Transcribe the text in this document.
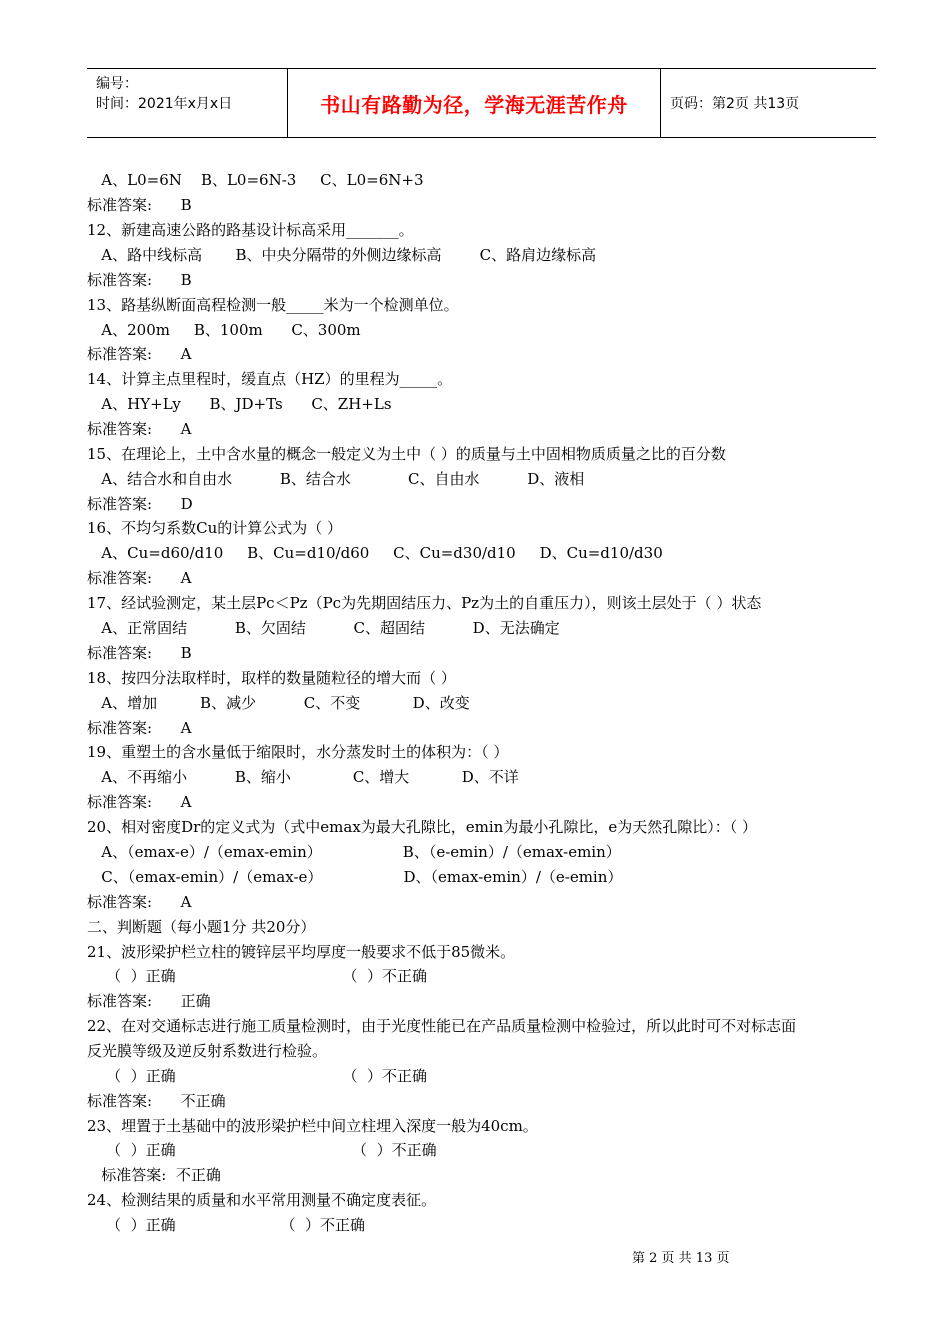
编号：
时间：2021年x月x日	书山有路勤为径，学海无涯苦作舟	页码：第2页 共13页
A、L0=6N    B、L0=6N-3     C、L0=6N+3
标准答案:      B
12、新建高速公路的路基设计标高采用_______。
A、路中线标高       B、中央分隔带的外侧边缘标高        C、路肩边缘标高
标准答案:      B
13、路基纵断面高程检测一般_____米为一个检测单位。
A、200m     B、100m      C、300m
标准答案:      A
14、计算主点里程时，缓直点（HZ）的里程为_____。
A、HY+Ly      B、JD+Ts      C、ZH+Ls
标准答案:      A
15、在理论上，土中含水量的概念一般定义为土中（ ）的质量与土中固相物质质量之比的百分数
A、结合水和自由水          B、结合水            C、自由水          D、液相
标准答案:      D
16、不均匀系数Cu的计算公式为（ ）
A、Cu=d60/d10     B、Cu=d10/d60     C、Cu=d30/d10     D、Cu=d10/d30
标准答案:      A
17、经试验测定，某土层Pc＜Pz（Pc为先期固结压力、Pz为土的自重压力），则该土层处于（ ）状态
A、正常固结          B、欠固结          C、超固结          D、无法确定
标准答案:      B
18、按四分法取样时，取样的数量随粒径的增大而（ ）
A、增加         B、减少          C、不变           D、改变
标准答案:      A
19、重塑土的含水量低于缩限时，水分蒸发时土的体积为：（ ）
A、不再缩小          B、缩小             C、增大           D、不详
标准答案:      A
20、相对密度Dr的定义式为（式中emax为最大孔隙比，emin为最小孔隙比，e为天然孔隙比）：（ ）
A、（emax-e）/（emax-emin）                 B、（e-emin）/（emax-emin）
C、（emax-emin）/（emax-e）                 D、（emax-emin）/（e-emin）
标准答案:      A
二、判断题（每小题1分 共20分）
21、波形梁护栏立柱的镀锌层平均厚度一般要求不低于85微米。
（  ）正确                                   （  ）不正确
标准答案:      正确
22、在对交通标志进行施工质量检测时，由于光度性能已在产品质量检测中检验过，所以此时可不对标志面
反光膜等级及逆反射系数进行检验。
（  ）正确                                   （  ）不正确
标准答案:      不正确
23、埋置于土基础中的波形梁护栏中间立柱埋入深度一般为40cm。
（  ）正确                                     （  ）不正确
标准答案:  不正确
24、检测结果的质量和水平常用测量不确定度表征。
（  ）正确                      （  ）不正确
第 2 页 共 13 页
